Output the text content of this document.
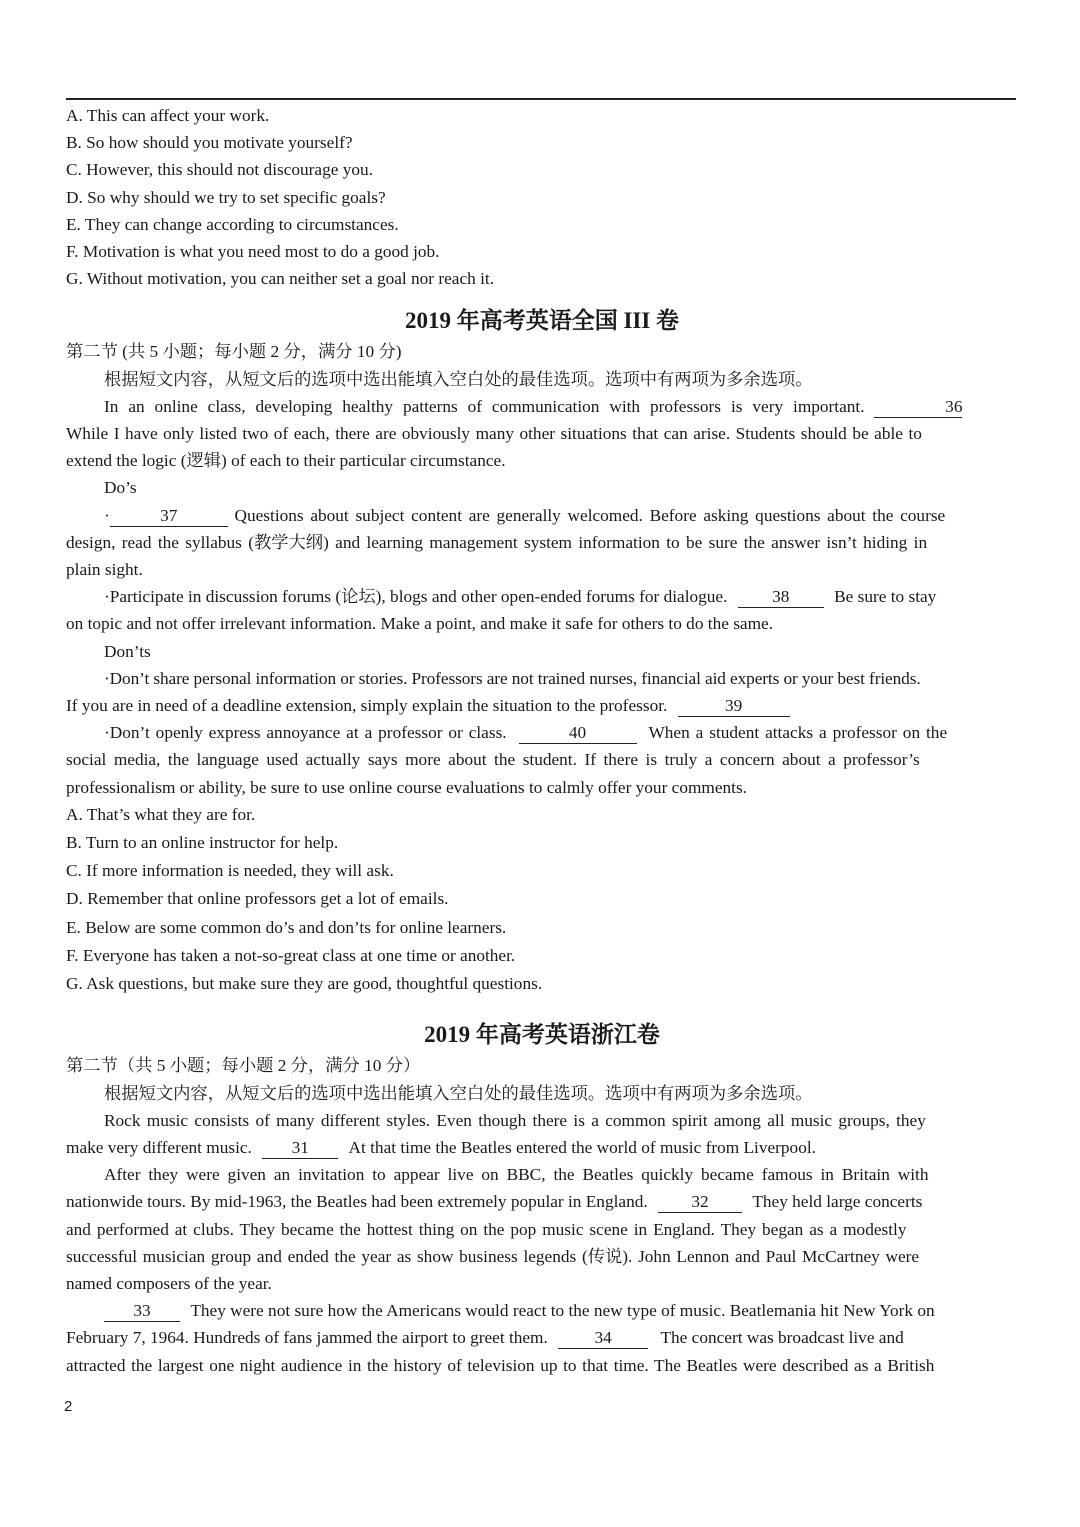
A. This can affect your work.
B. So how should you motivate yourself?
C. However, this should not discourage you.
D. So why should we try to set specific goals?
E. They can change according to circumstances.
F. Motivation is what you need most to do a good job.
G. Without motivation, you can neither set a goal nor reach it.
2019 年高考英语全国 III 卷
第二节 (共 5 小题；每小题 2 分，满分 10 分)
根据短文内容，从短文后的选项中选出能填入空白处的最佳选项。选项中有两项为多余选项。
In an online class, developing healthy patterns of communication with professors is very important.	36
While I have only listed two of each, there are obviously many other situations that can arise. Students should be able to
extend the logic (逻辑) of each to their particular circumstance.
Do’s
·	37	Questions about subject content are generally welcomed. Before asking questions about the course
design, read the syllabus (教学大纲) and learning management system information to be sure the answer isn’t hiding in
plain sight.
·Participate in discussion forums (论坛), blogs and other open-ended forums for dialogue.	38	Be sure to stay
on topic and not offer irrelevant information. Make a point, and make it safe for others to do the same.
Don’ts
·Don’t share personal information or stories. Professors are not trained nurses, financial aid experts or your best friends.
If you are in need of a deadline extension, simply explain the situation to the professor.	39
·Don’t openly express annoyance at a professor or class.	40	When a student attacks a professor on the
social media, the language used actually says more about the student. If there is truly a concern about a professor’s
professionalism or ability, be sure to use online course evaluations to calmly offer your comments.
A. That’s what they are for.
B. Turn to an online instructor for help.
C. If more information is needed, they will ask.
D. Remember that online professors get a lot of emails.
E. Below are some common do’s and don’ts for online learners.
F. Everyone has taken a not-so-great class at one time or another.
G. Ask questions, but make sure they are good, thoughtful questions.
2019 年高考英语浙江卷
第二节（共 5 小题；每小题 2 分，满分 10 分）
根据短文内容，从短文后的选项中选出能填入空白处的最佳选项。选项中有两项为多余选项。
Rock music consists of many different styles. Even though there is a common spirit among all music groups, they
make very different music. 31 At that time the Beatles entered the world of music from Liverpool.
After they were given an invitation to appear live on BBC, the Beatles quickly became famous in Britain with
nationwide tours. By mid-1963, the Beatles had been extremely popular in England.	32	They held large concerts
and performed at clubs. They became the hottest thing on the pop music scene in England. They began as a modestly
successful musician group and ended the year as show business legends (传说). John Lennon and Paul McCartney were
named composers of the year.
33 They were not sure how the Americans would react to the new type of music. Beatlemania hit New York on
February 7, 1964. Hundreds of fans jammed the airport to greet them.	34	The concert was broadcast live and
attracted the largest one night audience in the history of television up to that time. The Beatles were described as a British
2
